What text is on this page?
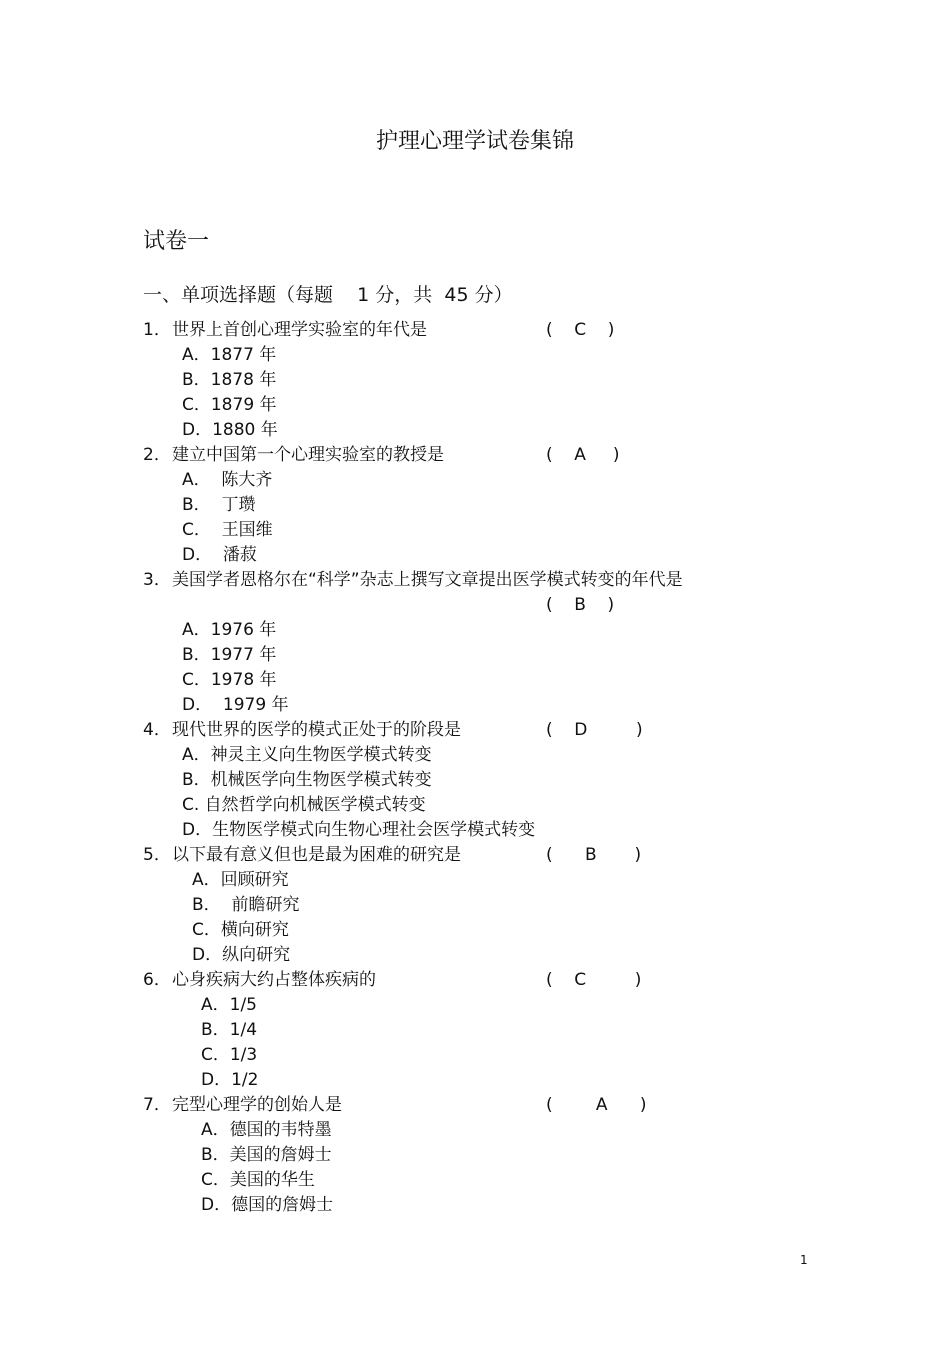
护理心理学试卷集锦
试卷一
一、单项选择题（每题    1 分，共  45 分）
1． 世界上首创心理学实验室的年代是	(    C    )
A．1877 年
B．1878 年
C．1879 年
D．1880 年
2． 建立中国第一个心理实验室的教授是	(    A     )
A．  陈大齐
B．  丁瓒
C．  王国维
D．  潘菽
3． 美国学者恩格尔在“科学”杂志上撰写文章提出医学模式转变的年代是
(    B    )
A．1976 年
B．1977 年
C．1978 年
D．  1979 年
4． 现代世界的医学的模式正处于的阶段是	(    D         )
A．神灵主义向生物医学模式转变
B．机械医学向生物医学模式转变
C. 自然哲学向机械医学模式转变
D．生物医学模式向生物心理社会医学模式转变
5． 以下最有意义但也是最为困难的研究是	(      B       )
A．回顾研究
B．  前瞻研究
C．横向研究
D．纵向研究
6． 心身疾病大约占整体疾病的	(    C         )
A．1/5
B．1/4
C．1/3
D．1/2
7． 完型心理学的创始人是	(        A      )
A．德国的韦特墨
B．美国的詹姆士
C．美国的华生
D．德国的詹姆士
1
